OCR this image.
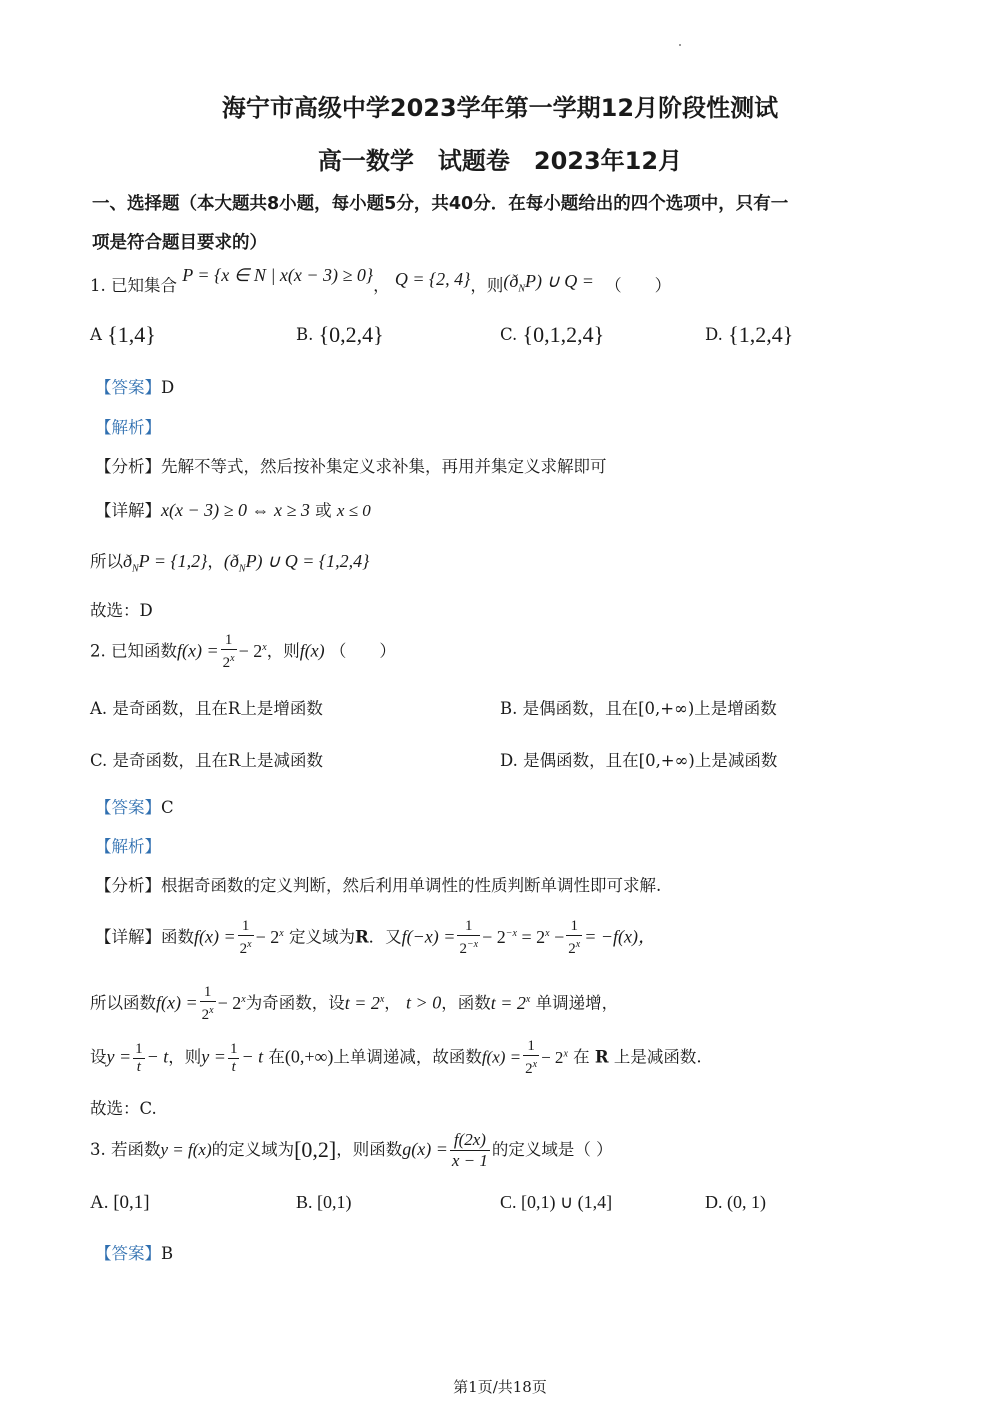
海宁市高级中学2023学年第一学期12月阶段性测试
高一数学　试题卷　2023年12月
一、选择题（本大题共8小题，每小题5分，共40分．在每小题给出的四个选项中，只有一
项是符合题目要求的）
1. 已知集合 P = {x ∈ N | x(x − 3) ≥ 0}， Q = {2, 4}，则$(ð_NP)$ ∪ Q = （　　）
A {1,4}	B. {0,2,4}	C. {0,1,2,4}	D. {1,2,4}
【答案】D
【解析】
【分析】先解不等式，然后按补集定义求补集，再用并集定义求解即可
【详解】x(x − 3) ≥ 0 ⇔ x ≥ 3 或 x ≤ 0
所以$ð_NP = \{1,2\}$，$(ð_NP)$ ∪ Q = {1,2,4}
故选：D
2. 已知函数$f(x) = \frac{1}{2^x} - 2^x$，则f(x) （　　）
A. 是奇函数，且在R上是增函数	B. 是偶函数，且在[0,+∞)上是增函数
C. 是奇函数，且在R上是减函数	D. 是偶函数，且在[0,+∞)上是减函数
【答案】C
【解析】
【分析】根据奇函数的定义判断，然后利用单调性的性质判断单调性即可求解.
【详解】函数$f(x) = \frac{1}{2^x} - 2^x$ 定义域为R．又$f(-x) = \frac{1}{2^{-x}} - 2^{-x} = 2^x - \frac{1}{2^x} = -f(x)$，
所以函数$f(x) = \frac{1}{2^x} - 2^x$为奇函数，设$t = 2^x$， t > 0，函数$t = 2^x$ 单调递增，
设$y = \frac{1}{t} - t$，则$y = \frac{1}{t} - t$ 在(0,+∞)上单调递减，故函数$f(x) = \frac{1}{2^x} - 2^x$ 在 R 上是减函数.
故选：C.
3. 若函数y = f(x)的定义域为[0,2]，则函数$g(x) = \frac{f(2x)}{x - 1}$ 的定义域是（ ）
A. [0,1]	B. [0,1)	C. [0,1) ∪ (1,4]	D. (0, 1)
【答案】B
第1页/共18页
